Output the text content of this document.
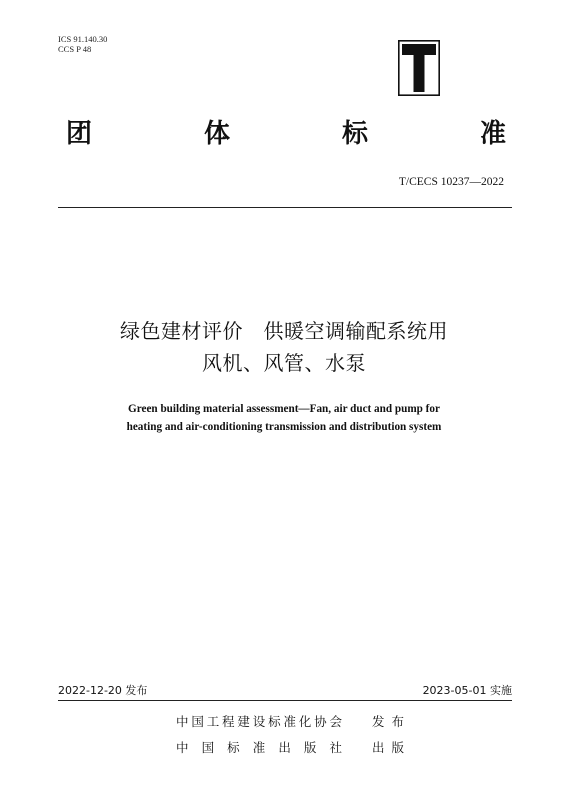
ICS 91.140.30
CCS P 48
团	体	标	准
T/CECS 10237—2022
绿色建材评价　供暖空调输配系统用
风机、风管、水泵
Green building material assessment—Fan, air duct and pump for
heating and air-conditioning transmission and distribution system
2022-12-20 发布	2023-05-01 实施
中国工程建设标准化协会 发布
中国标准出版社 出版
